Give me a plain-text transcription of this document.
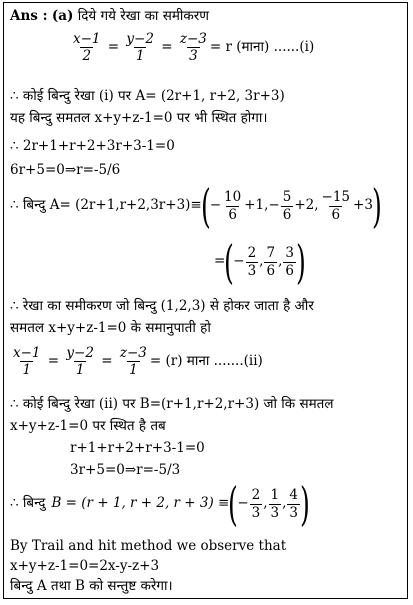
Ans : (a) दिये गये रेखा का समीकरण
$\frac{x-1}{2} = \frac{y-2}{1} = \frac{z-3}{3} = r$ (माना) ......(i)
∴ कोई बिन्दु रेखा (i) पर A= (2r+1, r+2, 3r+3)
यह बिन्दु समतल x+y+z-1=0 पर भी स्थित होगा।
∴ 2r+1+r+2+3r+3-1=0
6r+5=0⇒r=-5/6
∴ बिन्दु A= (2r+1,r+2,3r+3)≡ ( − $\frac{10}{6} +1$, − $\frac{5}{6} +2$, $\frac{-15}{6} +3$ )
= ( − $\frac{2}{3}$ , $\frac{7}{6}$ , $\frac{3}{6}$ )
∴ रेखा का समीकरण जो बिन्दु (1,2,3) से होकर जाता है और
समतल x+y+z-1=0 के समानुपाती हो
$\frac{x-1}{1} = \frac{y-2}{1} = \frac{z-3}{1} = (r)$ माना .......(ii)
∴ कोई बिन्दु रेखा (ii) पर B=(r+1,r+2,r+3) जो कि समतल
x+y+z-1=0 पर स्थित है तब
r+1+r+2+r+3-1=0
3r+5=0⇒r=-5/3
∴ बिन्दु B = (r + 1, r + 2, r + 3) ≡ ( − $\frac{2}{3}$ , $\frac{1}{3}$ , $\frac{4}{3}$ )
By Trail and hit method we observe that
x+y+z-1=0=2x-y-z+3
बिन्दु A तथा B को सन्तुष्ट करेगा।
